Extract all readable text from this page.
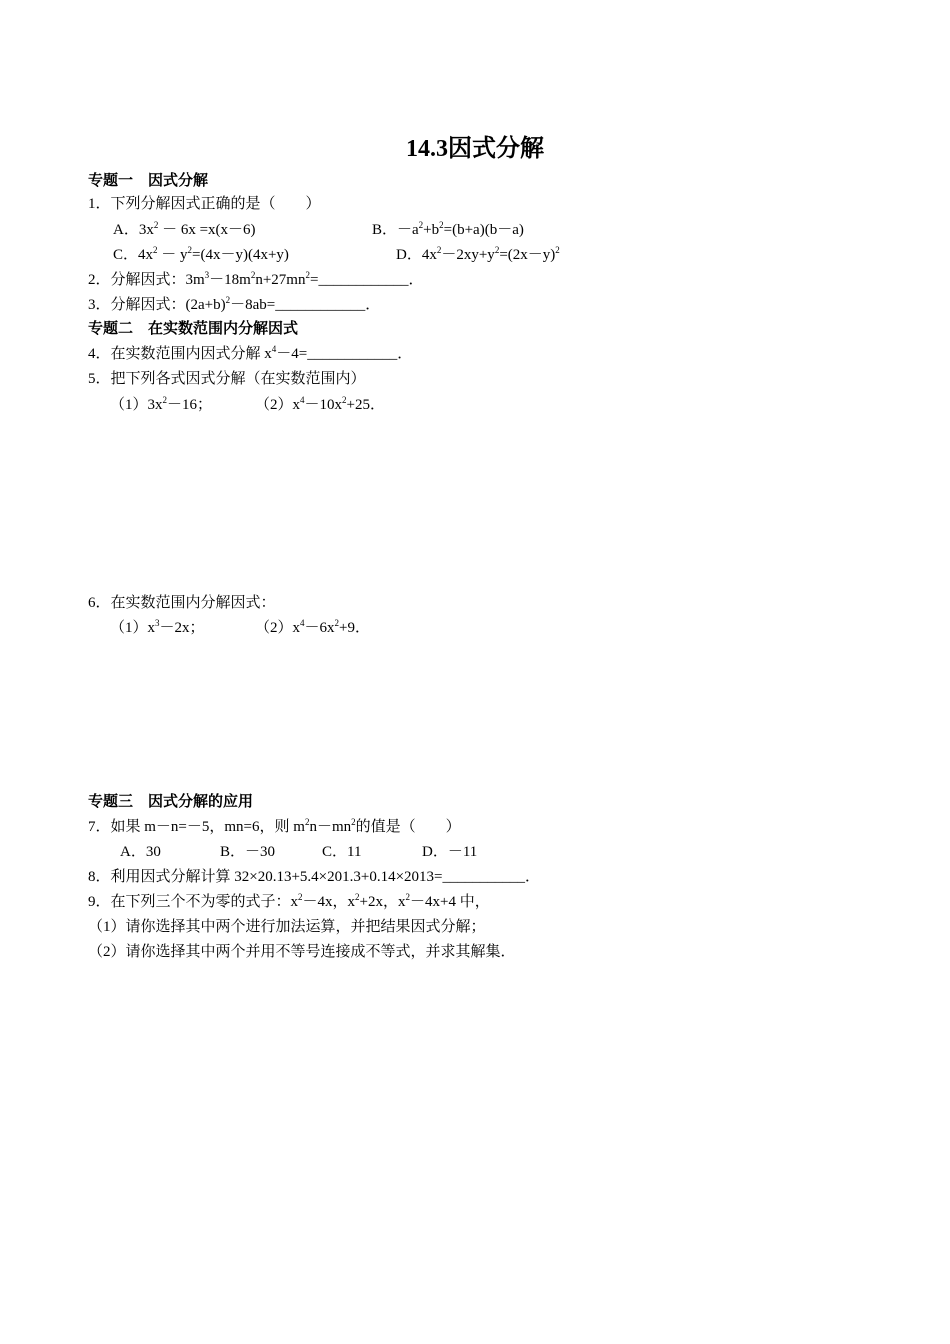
14.3因式分解
专题一　因式分解
1．下列分解因式正确的是（　　）
A．$3x^2 - 6x =x(x-6)$	B．$-a^2+b^2=(b+a)(b-a)$
C．$4x^2 - y^2=(4x-y)(4x+y)$	D．$4x^2-2xy+y^2=(2x-y)^2$
2．分解因式：$3m^3-18m^2n+27mn^2=\_\_\_\_\_\_\_\_\_\_\_\_$．
3．分解因式：$(2a+b)^2-8ab=\_\_\_\_\_\_\_\_\_\_\_\_$．
专题二　在实数范围内分解因式
4．在实数范围内因式分解 $x^4-4=\_\_\_\_\_\_\_\_\_\_\_\_$．
5．把下列各式因式分解（在实数范围内）
$(1)3x^2-16$；	$(2)x^4-10x^2+25$．
6．在实数范围内分解因式：
$(1)x^3-2x$；	$(2)x^4-6x^2+9$．
专题三　因式分解的应用
7．如果 m－n=－5，mn=6，则 $m^2n-mn^2$的值是（　　）
A．30	B．－30	C．11	D．－11
8．利用因式分解计算 32×20.13+5.4×201.3+0.14×2013=___________．
9．在下列三个不为零的式子：$x^2-4x$，$x^2+2x$，$x^2-4x+4$ 中，
（1）请你选择其中两个进行加法运算，并把结果因式分解；
（2）请你选择其中两个并用不等号连接成不等式，并求其解集．
